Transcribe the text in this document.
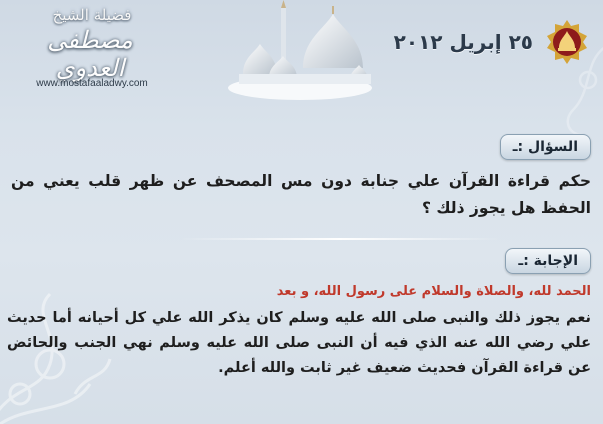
فضيلة الشيخ
مصطفى العدوي
www.mostafaaladwy.com
٢٥ إبريل ٢٠١٢
السؤال :ـ
حكم قراءة القرآن علي جنابة دون مس المصحف عن ظهر قلب يعني من الحفظ هل يجوز ذلك ؟
الإجابة :ـ
الحمد لله، والصلاة والسلام على رسول الله، و بعد
نعم يجوز ذلك والنبى صلى الله عليه وسلم كان يذكر الله علي كل أحيانه أما حديث علي رضي الله عنه الذي فيه أن النبى صلى الله عليه وسلم نهي الجنب والحائض عن قراءة القرآن فحديث ضعيف غير ثابت والله أعلم.
